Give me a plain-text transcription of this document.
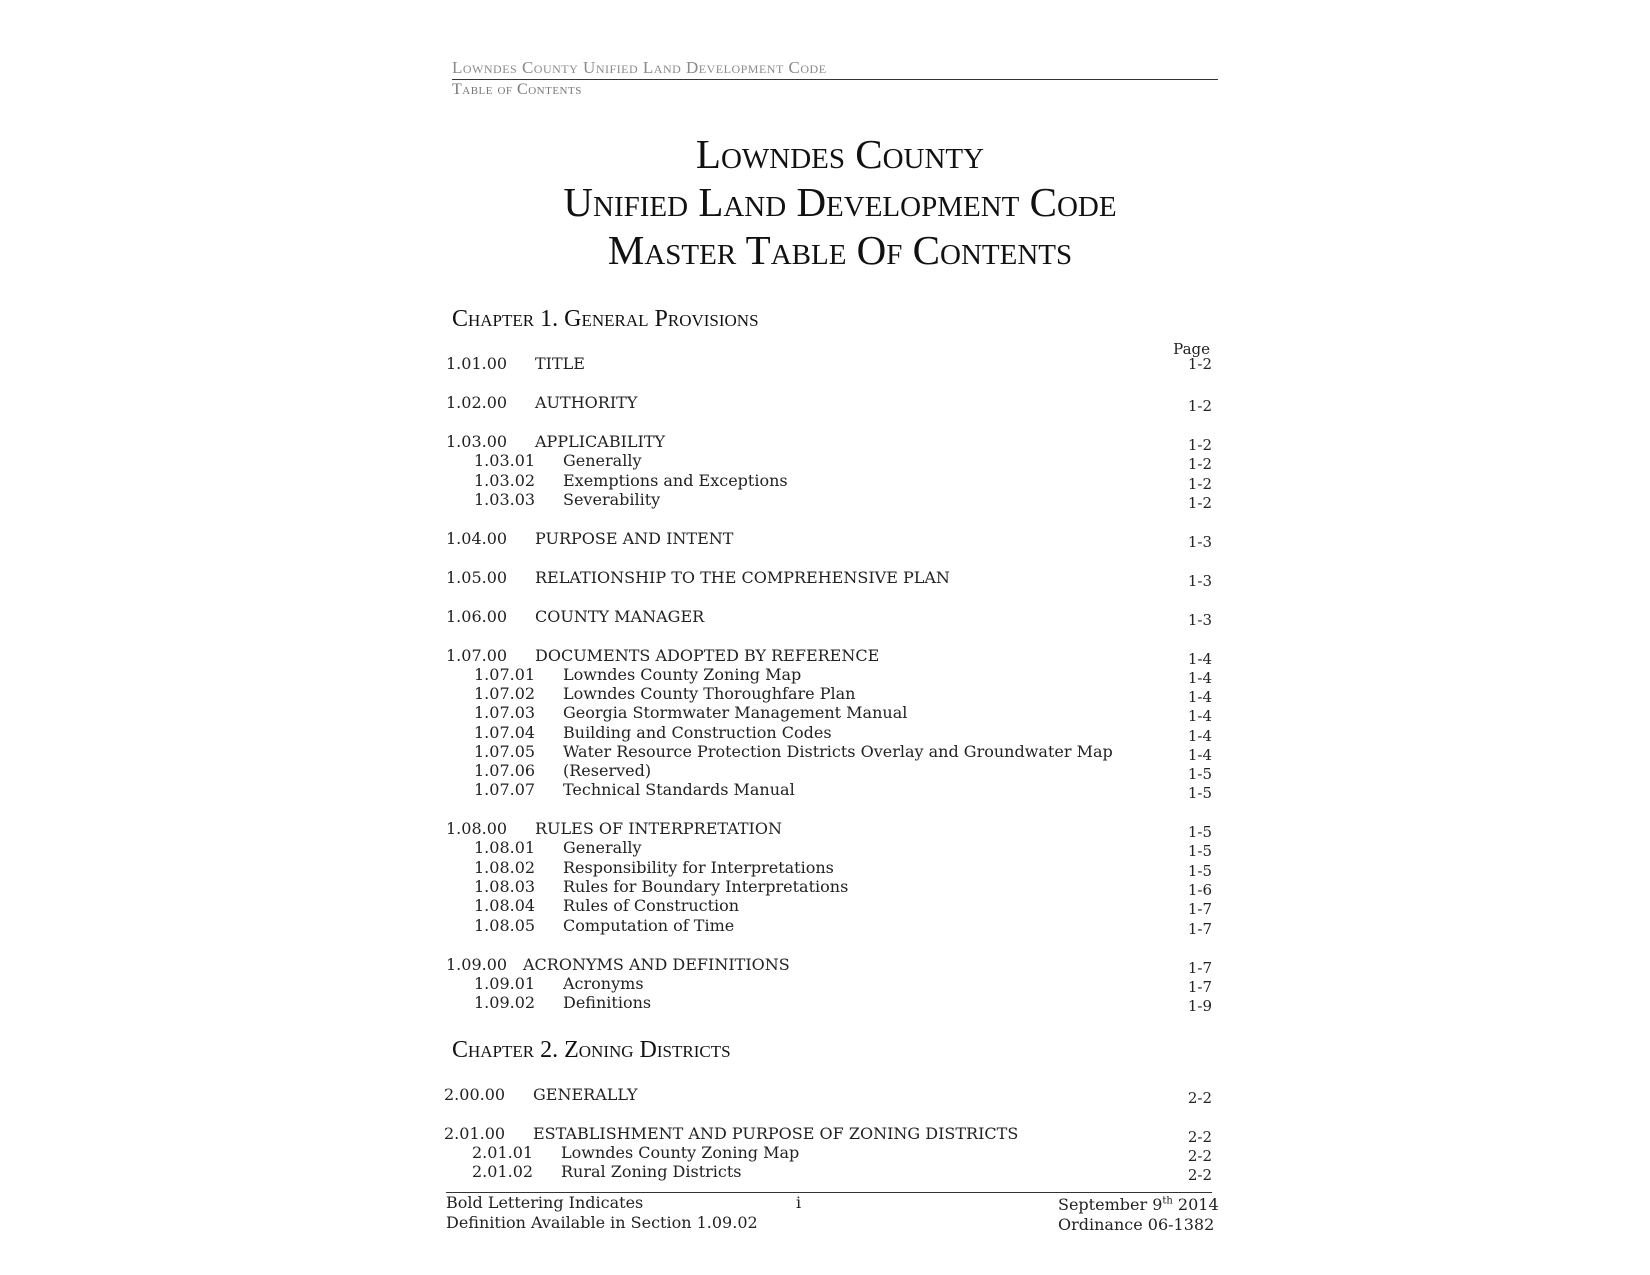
Lowndes County Unified Land Development Code
Table of Contents
Lowndes County
Unified Land Development Code
Master Table Of Contents
Chapter 1. General Provisions
Page
1.01.00 TITLE	1-2
1.02.00 AUTHORITY	1-2
1.03.00 APPLICABILITY	1-2
1.03.01 Generally	1-2
1.03.02 Exemptions and Exceptions	1-2
1.03.03 Severability	1-2
1.04.00 PURPOSE AND INTENT	1-3
1.05.00 RELATIONSHIP TO THE COMPREHENSIVE PLAN	1-3
1.06.00 COUNTY MANAGER	1-3
1.07.00 DOCUMENTS ADOPTED BY REFERENCE	1-4
1.07.01 Lowndes County Zoning Map	1-4
1.07.02 Lowndes County Thoroughfare Plan	1-4
1.07.03 Georgia Stormwater Management Manual	1-4
1.07.04 Building and Construction Codes	1-4
1.07.05 Water Resource Protection Districts Overlay and Groundwater Map	1-4
1.07.06 (Reserved)	1-5
1.07.07 Technical Standards Manual	1-5
1.08.00 RULES OF INTERPRETATION	1-5
1.08.01 Generally	1-5
1.08.02 Responsibility for Interpretations	1-5
1.08.03 Rules for Boundary Interpretations	1-6
1.08.04 Rules of Construction	1-7
1.08.05 Computation of Time	1-7
1.09.00 ACRONYMS AND DEFINITIONS	1-7
1.09.01 Acronyms	1-7
1.09.02 Definitions	1-9
2.00.00 GENERALLY	2-2
2.01.00 ESTABLISHMENT AND PURPOSE OF ZONING DISTRICTS	2-2
2.01.01 Lowndes County Zoning Map	2-2
2.01.02 Rural Zoning Districts	2-2
Chapter 2. Zoning Districts
Bold Lettering Indicates
Definition Available in Section 1.09.02
i	September 9th 2014
Ordinance 06-1382
